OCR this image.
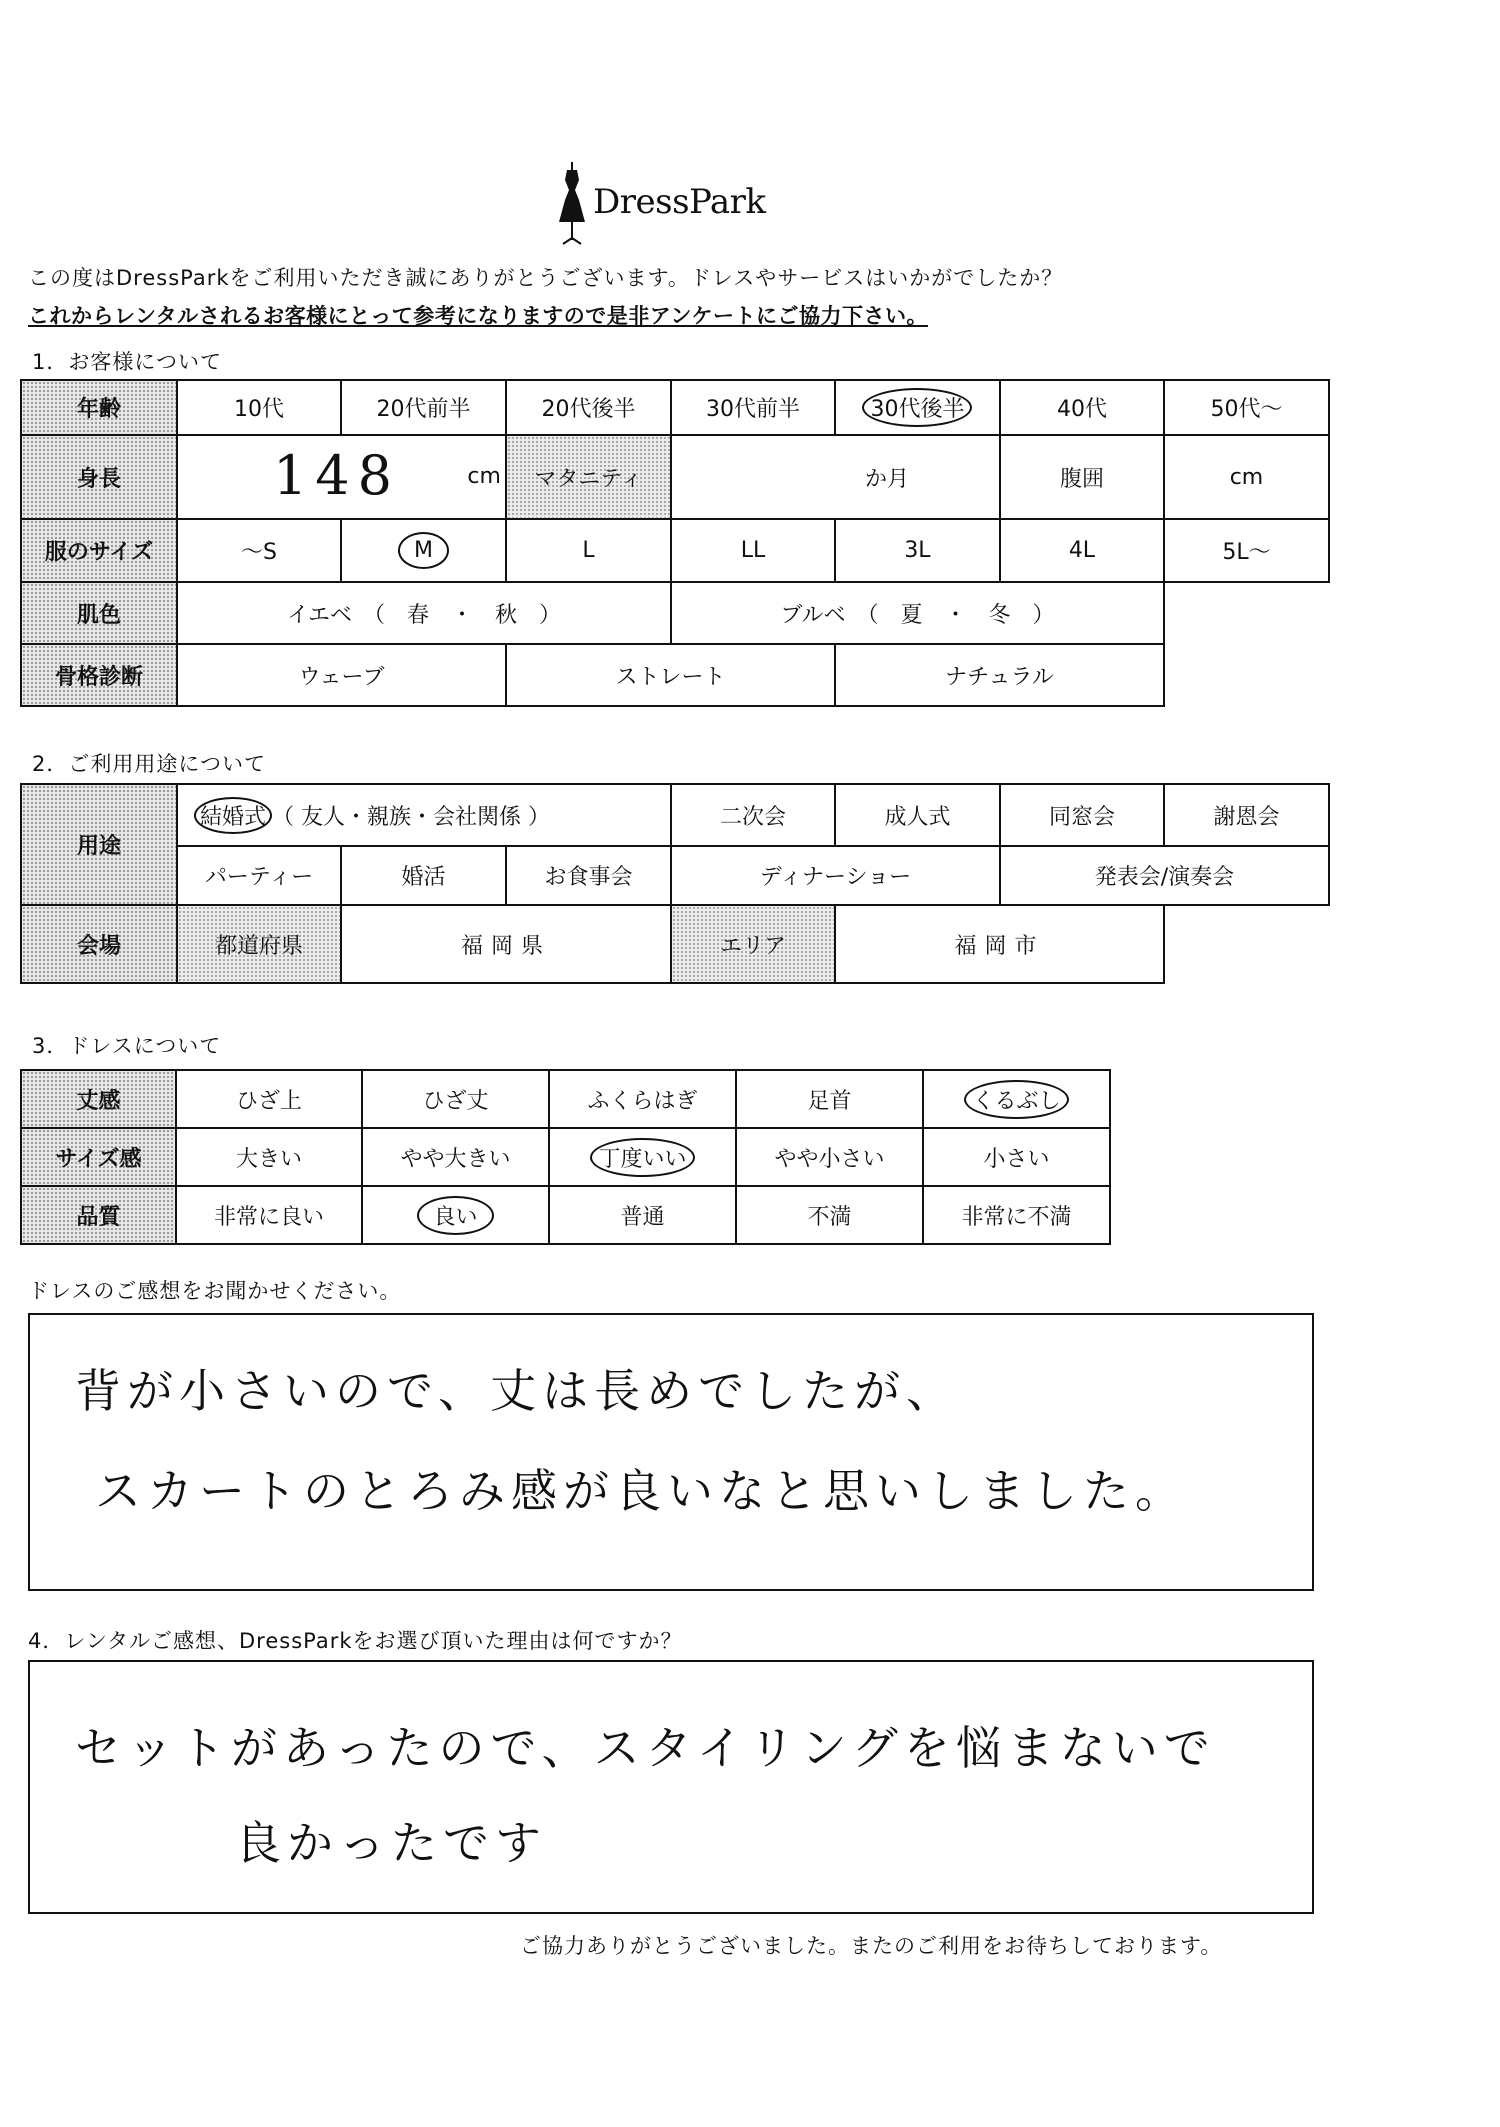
DressPark
この度はDressParkをご利用いただき誠にありがとうございます。ドレスやサービスはいかがでしたか？
これからレンタルされるお客様にとって参考になりますので是非アンケートにご協力下さい。
1．お客様について
年齢	10代	20代前半	20代後半	30代前半	30代後半	40代	50代～
身長	148 cm		マタニティ	か月		腹囲	cm
服のサイズ	～S	M	L	LL	3L	4L	5L～
肌色	イエベ　（　春　・　秋　）			ブルベ　（　夏　・　冬　）			
骨格診断	ウェーブ		ストレート		ナチュラル		
2．ご利用用途について
用途	結婚式 （ 友人・親族・会社関係 ）			二次会	成人式	同窓会	謝恩会
	パーティー	婚活	お食事会	ディナーショー		発表会/演奏会	
会場	都道府県	福岡県		エリア	福岡市		
3．ドレスについて
丈感	ひざ上	ひざ丈	ふくらはぎ	足首	くるぶし
サイズ感	大きい	やや大きい	丁度いい	やや小さい	小さい
品質	非常に良い	良い	普通	不満	非常に不満
ドレスのご感想をお聞かせください。
背が小さいので、丈は長めでしたが、
スカートのとろみ感が良いなと思いしました。
4．レンタルご感想、DressParkをお選び頂いた理由は何ですか？
セットがあったので、スタイリングを悩まないで
良かったです
ご協力ありがとうございました。またのご利用をお待ちしております。
